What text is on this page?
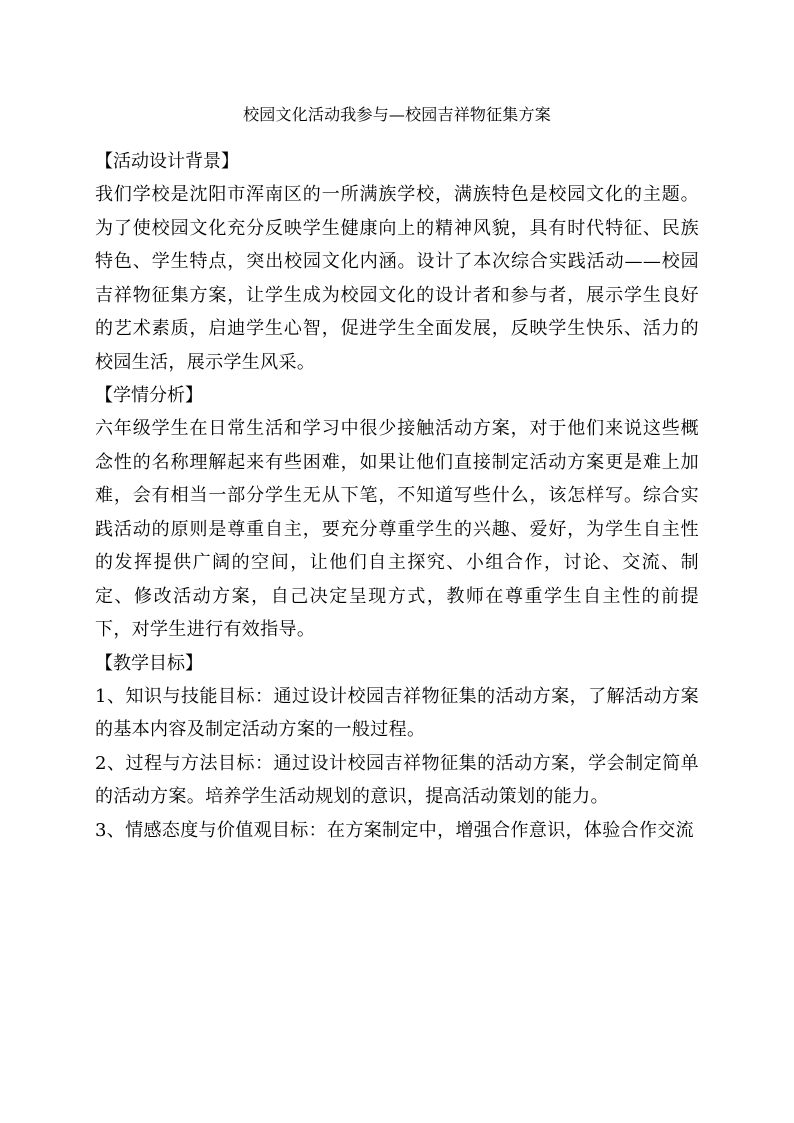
校园文化活动我参与—校园吉祥物征集方案
【活动设计背景】

我们学校是沈阳市浑南区的一所满族学校，满族特色是校园文化的主题。为了使校园文化充分反映学生健康向上的精神风貌，具有时代特征、民族特色、学生特点，突出校园文化内涵。设计了本次综合实践活动——校园吉祥物征集方案，让学生成为校园文化的设计者和参与者，展示学生良好的艺术素质，启迪学生心智，促进学生全面发展，反映学生快乐、活力的校园生活，展示学生风采。

【学情分析】

六年级学生在日常生活和学习中很少接触活动方案，对于他们来说这些概念性的名称理解起来有些困难，如果让他们直接制定活动方案更是难上加难，会有相当一部分学生无从下笔，不知道写些什么，该怎样写。综合实践活动的原则是尊重自主，要充分尊重学生的兴趣、爱好，为学生自主性的发挥提供广阔的空间，让他们自主探究、小组合作，讨论、交流、制定、修改活动方案，自己决定呈现方式，教师在尊重学生自主性的前提下，对学生进行有效指导。

【教学目标】

1、知识与技能目标：通过设计校园吉祥物征集的活动方案，了解活动方案的基本内容及制定活动方案的一般过程。

2、过程与方法目标：通过设计校园吉祥物征集的活动方案，学会制定简单的活动方案。培养学生活动规划的意识，提高活动策划的能力。

3、情感态度与价值观目标：在方案制定中，增强合作意识，体验合作交流
